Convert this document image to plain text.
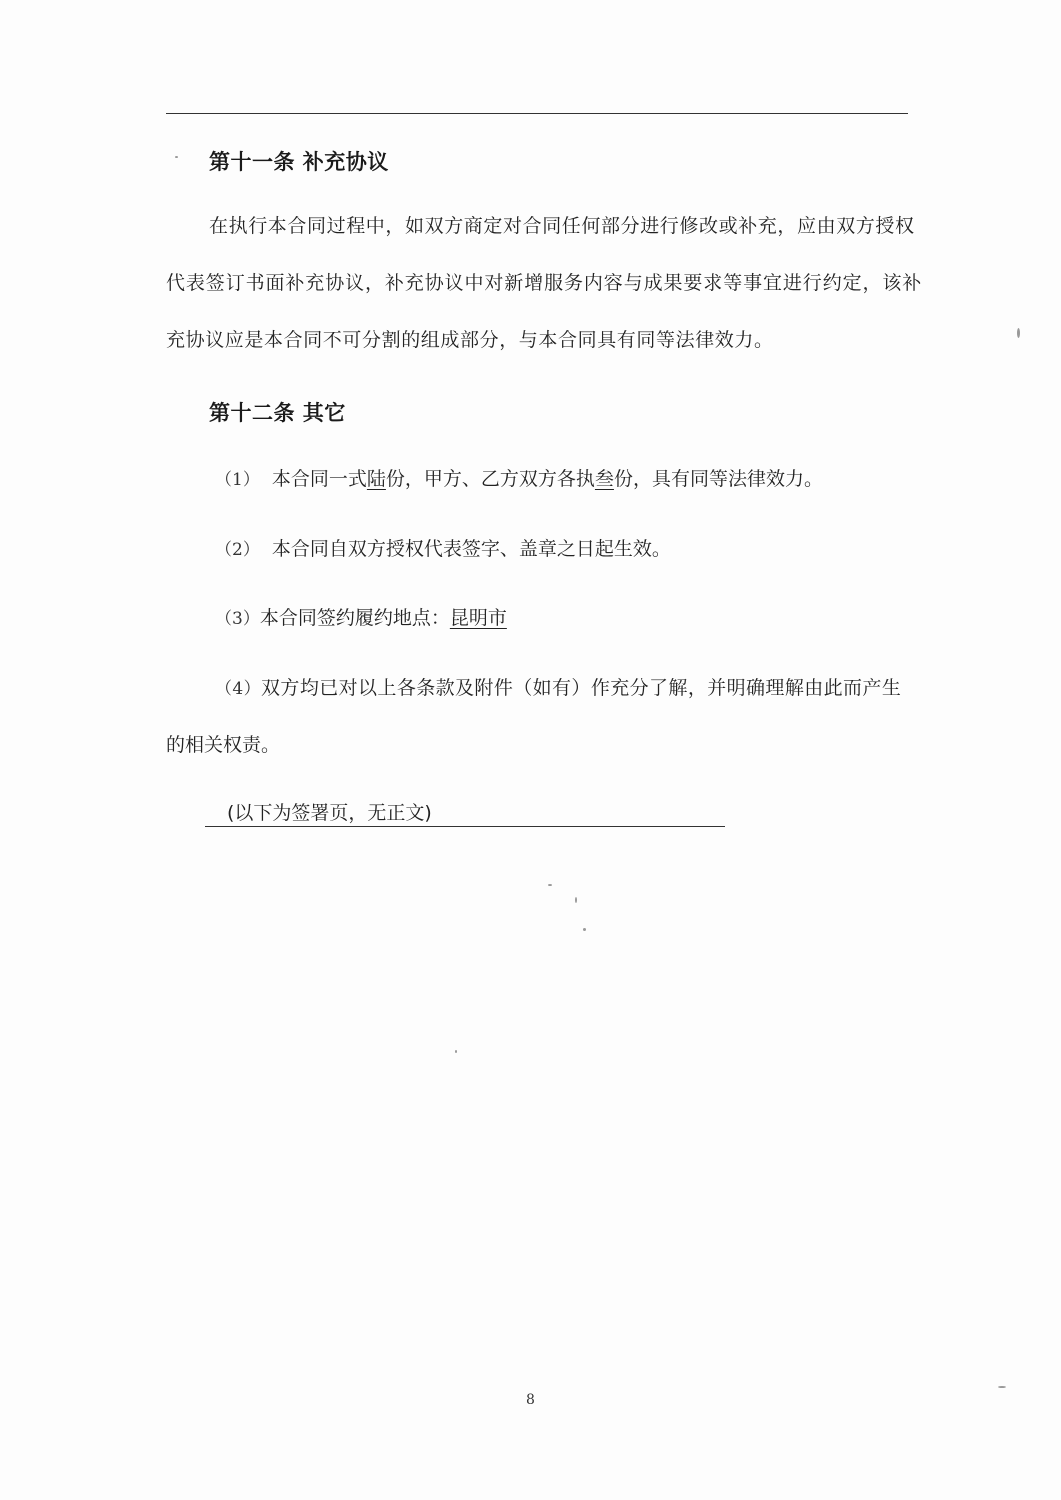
第十一条 补充协议
在执行本合同过程中，如双方商定对合同任何部分进行修改或补充，应由双方授权
代表签订书面补充协议，补充协议中对新增服务内容与成果要求等事宜进行约定，该补
充协议应是本合同不可分割的组成部分，与本合同具有同等法律效力。
第十二条 其它
（1） 本合同一式陆份，甲方、乙方双方各执叁份，具有同等法律效力。
（2） 本合同自双方授权代表签字、盖章之日起生效。
（3）本合同签约履约地点：昆明市
（4）双方均已对以上各条款及附件（如有）作充分了解，并明确理解由此而产生
的相关权责。
(以下为签署页，无正文)
8
